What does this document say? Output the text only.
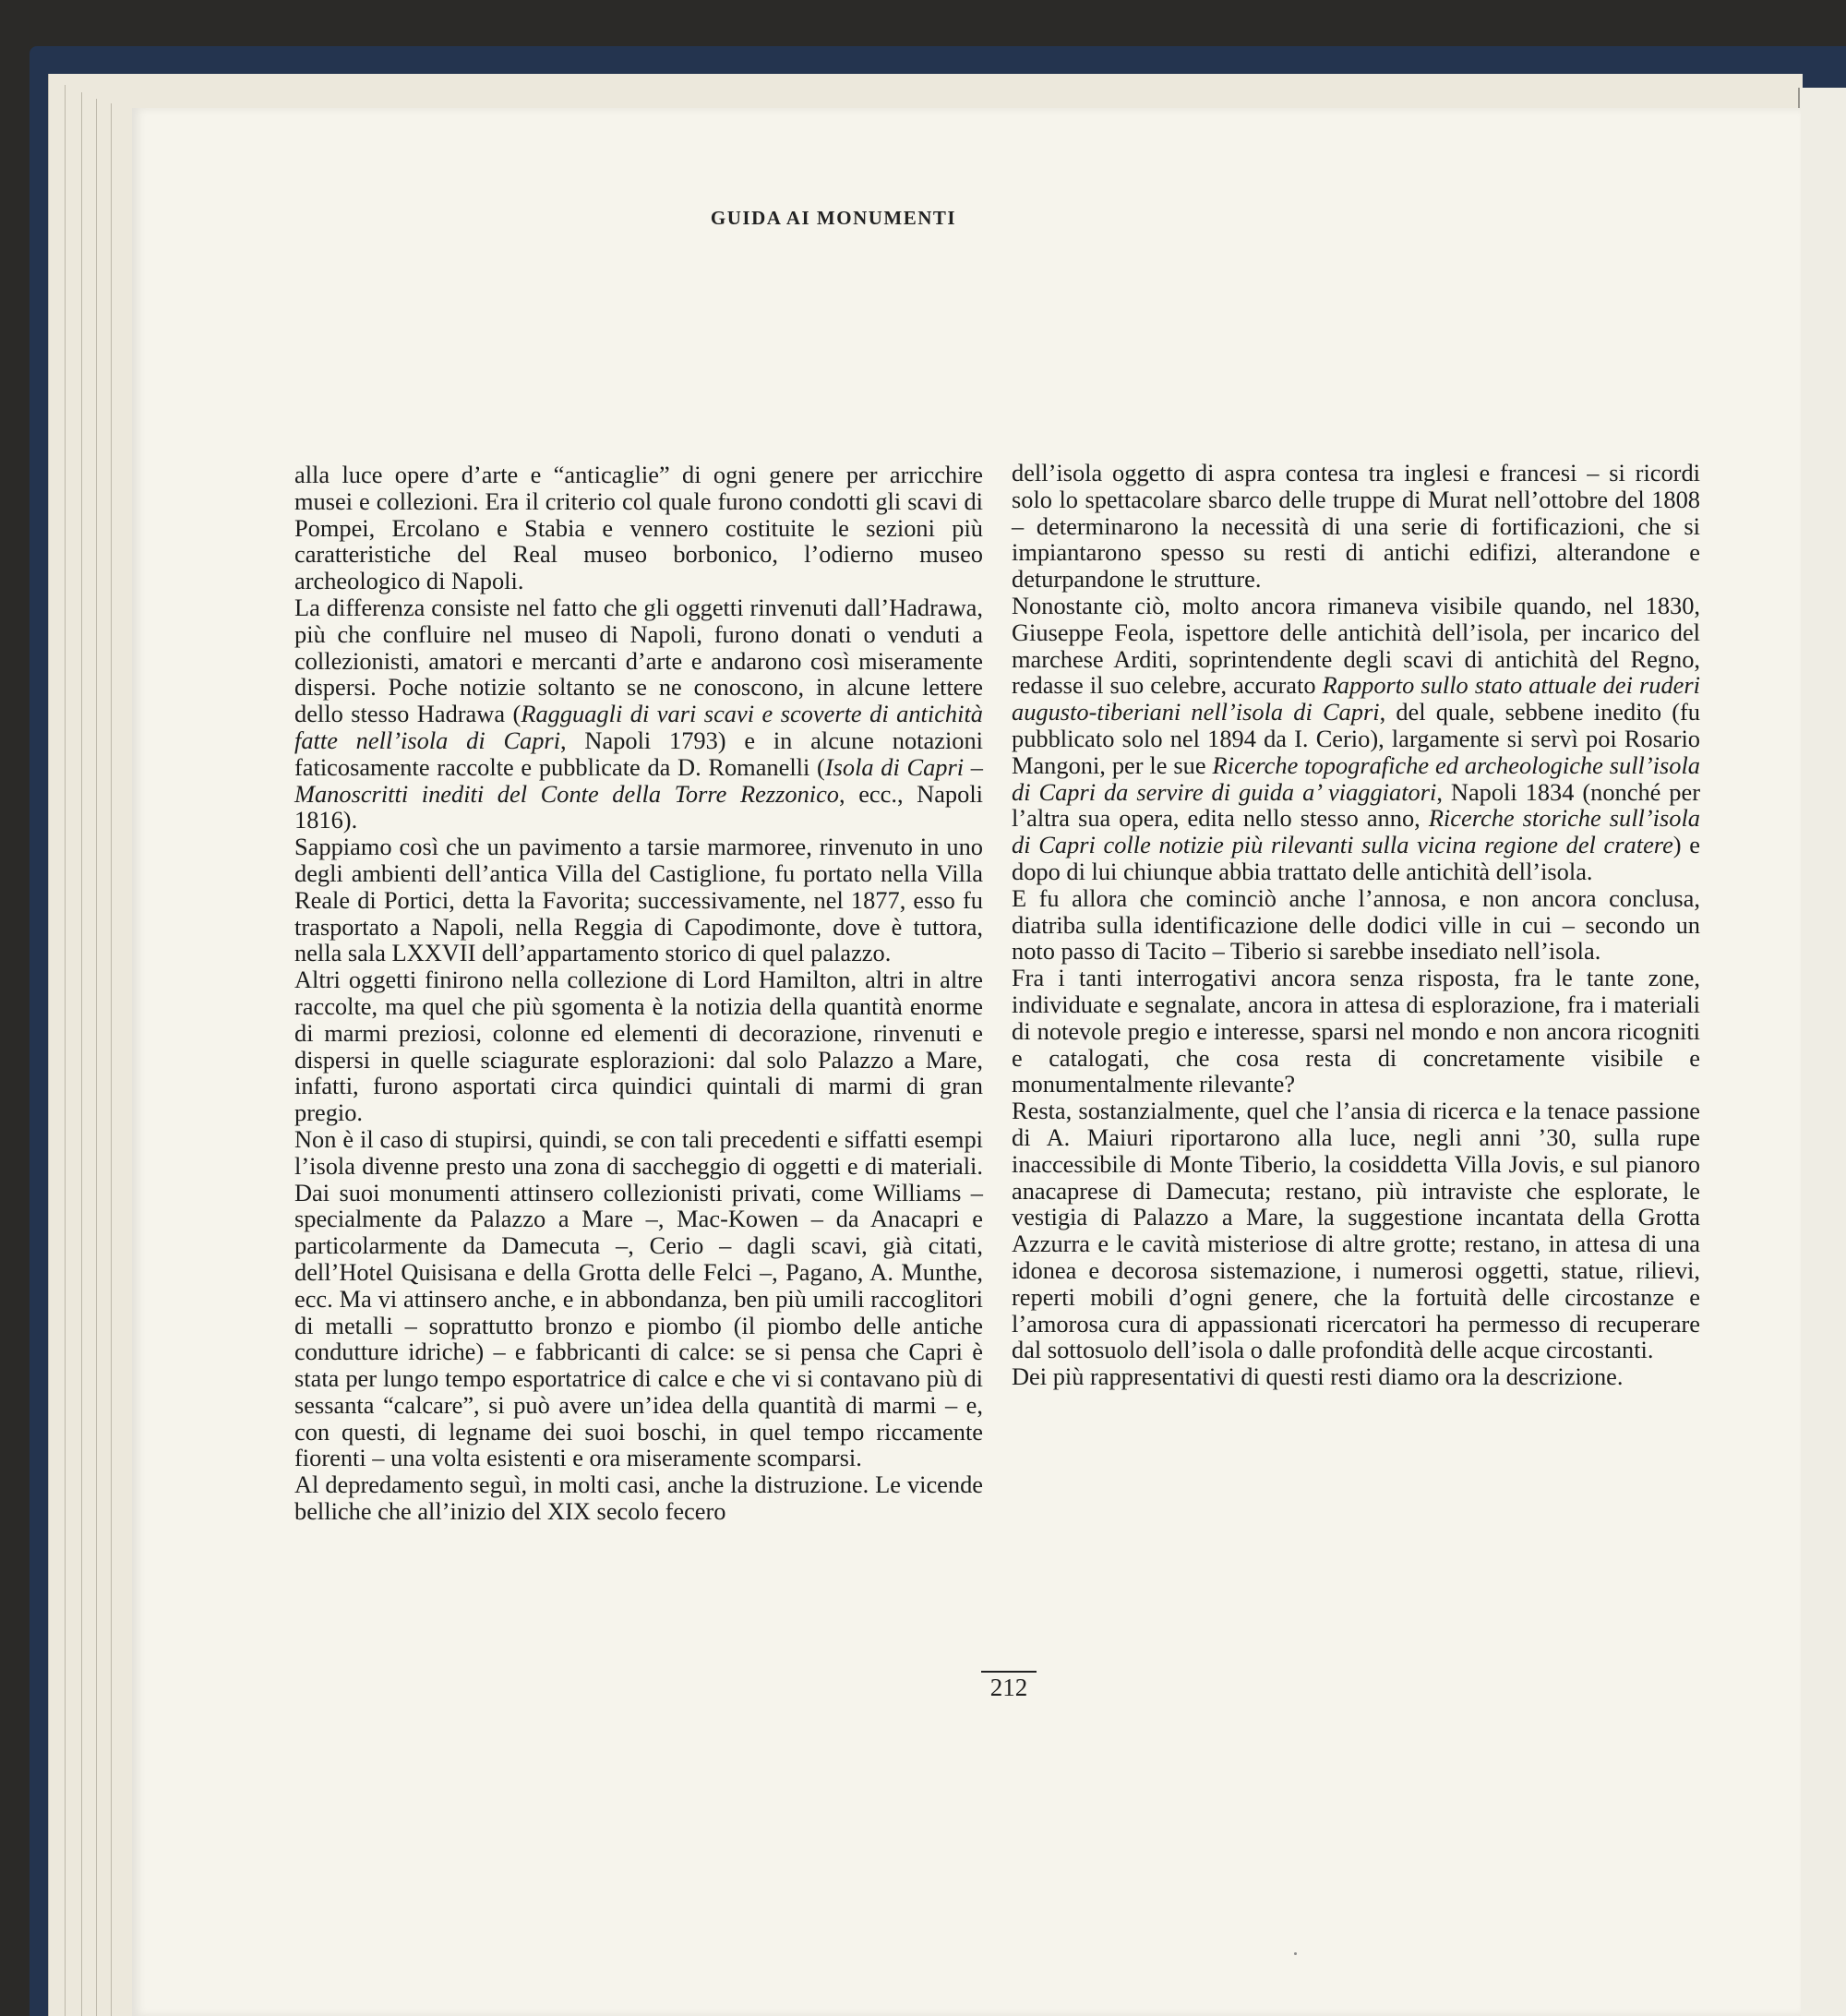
GUIDA AI MONUMENTI

alla luce opere d’arte e “anticaglie” di ogni genere per arricchire musei e collezioni. Era il criterio col quale furono condotti gli scavi di Pompei, Ercolano e Stabia e vennero costituite le sezioni più caratteristiche del Real museo borbonico, l’odierno museo archeologico di Napoli.

La differenza consiste nel fatto che gli oggetti rinvenuti dall’Hadrawa, più che confluire nel museo di Napoli, furono donati o venduti a collezionisti, amatori e mercanti d’arte e andarono così miseramente dispersi. Poche notizie soltanto se ne conoscono, in alcune lettere dello stesso Hadrawa (Ragguagli di vari scavi e scoverte di antichità fatte nell’isola di Capri, Napoli 1793) e in alcune notazioni faticosamente raccolte e pubblicate da D. Romanelli (Isola di Capri – Manoscritti inediti del Conte della Torre Rezzonico, ecc., Napoli 1816).

Sappiamo così che un pavimento a tarsie marmoree, rinvenuto in uno degli ambienti dell’antica Villa del Castiglione, fu portato nella Villa Reale di Portici, detta la Favorita; successivamente, nel 1877, esso fu trasportato a Napoli, nella Reggia di Capodimonte, dove è tuttora, nella sala LXXVII dell’appartamento storico di quel palazzo.

Altri oggetti finirono nella collezione di Lord Hamilton, altri in altre raccolte, ma quel che più sgomenta è la notizia della quantità enorme di marmi preziosi, colonne ed elementi di decorazione, rinvenuti e dispersi in quelle sciagurate esplorazioni: dal solo Palazzo a Mare, infatti, furono asportati circa quindici quintali di marmi di gran pregio.

Non è il caso di stupirsi, quindi, se con tali precedenti e siffatti esempi l’isola divenne presto una zona di saccheggio di oggetti e di materiali. Dai suoi monumenti attinsero collezionisti privati, come Williams – specialmente da Palazzo a Mare –, Mac-Kowen – da Anacapri e particolarmente da Damecuta –, Cerio – dagli scavi, già citati, dell’Hotel Quisisana e della Grotta delle Felci –, Pagano, A. Munthe, ecc. Ma vi attinsero anche, e in abbondanza, ben più umili raccoglitori di metalli – soprattutto bronzo e piombo (il piombo delle antiche condutture idriche) – e fabbricanti di calce: se si pensa che Capri è stata per lungo tempo esportatrice di calce e che vi si contavano più di sessanta “calcare”, si può avere un’idea della quantità di marmi – e, con questi, di legname dei suoi boschi, in quel tempo riccamente fiorenti – una volta esistenti e ora miseramente scomparsi.

Al depredamento seguì, in molti casi, anche la distruzione. Le vicende belliche che all’inizio del XIX secolo fecero

dell’isola oggetto di aspra contesa tra inglesi e francesi – si ricordi solo lo spettacolare sbarco delle truppe di Murat nell’ottobre del 1808 – determinarono la necessità di una serie di fortificazioni, che si impiantarono spesso su resti di antichi edifizi, alterandone e deturpandone le strutture.

Nonostante ciò, molto ancora rimaneva visibile quando, nel 1830, Giuseppe Feola, ispettore delle antichità dell’isola, per incarico del marchese Arditi, soprintendente degli scavi di antichità del Regno, redasse il suo celebre, accurato Rapporto sullo stato attuale dei ruderi augusto-tiberiani nell’isola di Capri, del quale, sebbene inedito (fu pubblicato solo nel 1894 da I. Cerio), largamente si servì poi Rosario Mangoni, per le sue Ricerche topografiche ed archeologiche sull’isola di Capri da servire di guida a’ viaggiatori, Napoli 1834 (nonché per l’altra sua opera, edita nello stesso anno, Ricerche storiche sull’isola di Capri colle notizie più rilevanti sulla vicina regione del cratere) e dopo di lui chiunque abbia trattato delle antichità dell’isola.

E fu allora che cominciò anche l’annosa, e non ancora conclusa, diatriba sulla identificazione delle dodici ville in cui – secondo un noto passo di Tacito – Tiberio si sarebbe insediato nell’isola.

Fra i tanti interrogativi ancora senza risposta, fra le tante zone, individuate e segnalate, ancora in attesa di esplorazione, fra i materiali di notevole pregio e interesse, sparsi nel mondo e non ancora ricogniti e catalogati, che cosa resta di concretamente visibile e monumentalmente rilevante?

Resta, sostanzialmente, quel che l’ansia di ricerca e la tenace passione di A. Maiuri riportarono alla luce, negli anni ’30, sulla rupe inaccessibile di Monte Tiberio, la cosiddetta Villa Jovis, e sul pianoro anacaprese di Damecuta; restano, più intraviste che esplorate, le vestigia di Palazzo a Mare, la suggestione incantata della Grotta Azzurra e le cavità misteriose di altre grotte; restano, in attesa di una idonea e decorosa sistemazione, i numerosi oggetti, statue, rilievi, reperti mobili d’ogni genere, che la fortuità delle circostanze e l’amorosa cura di appassionati ricercatori ha permesso di recuperare dal sottosuolo dell’isola o dalle profondità delle acque circostanti.

Dei più rappresentativi di questi resti diamo ora la descrizione.

212
